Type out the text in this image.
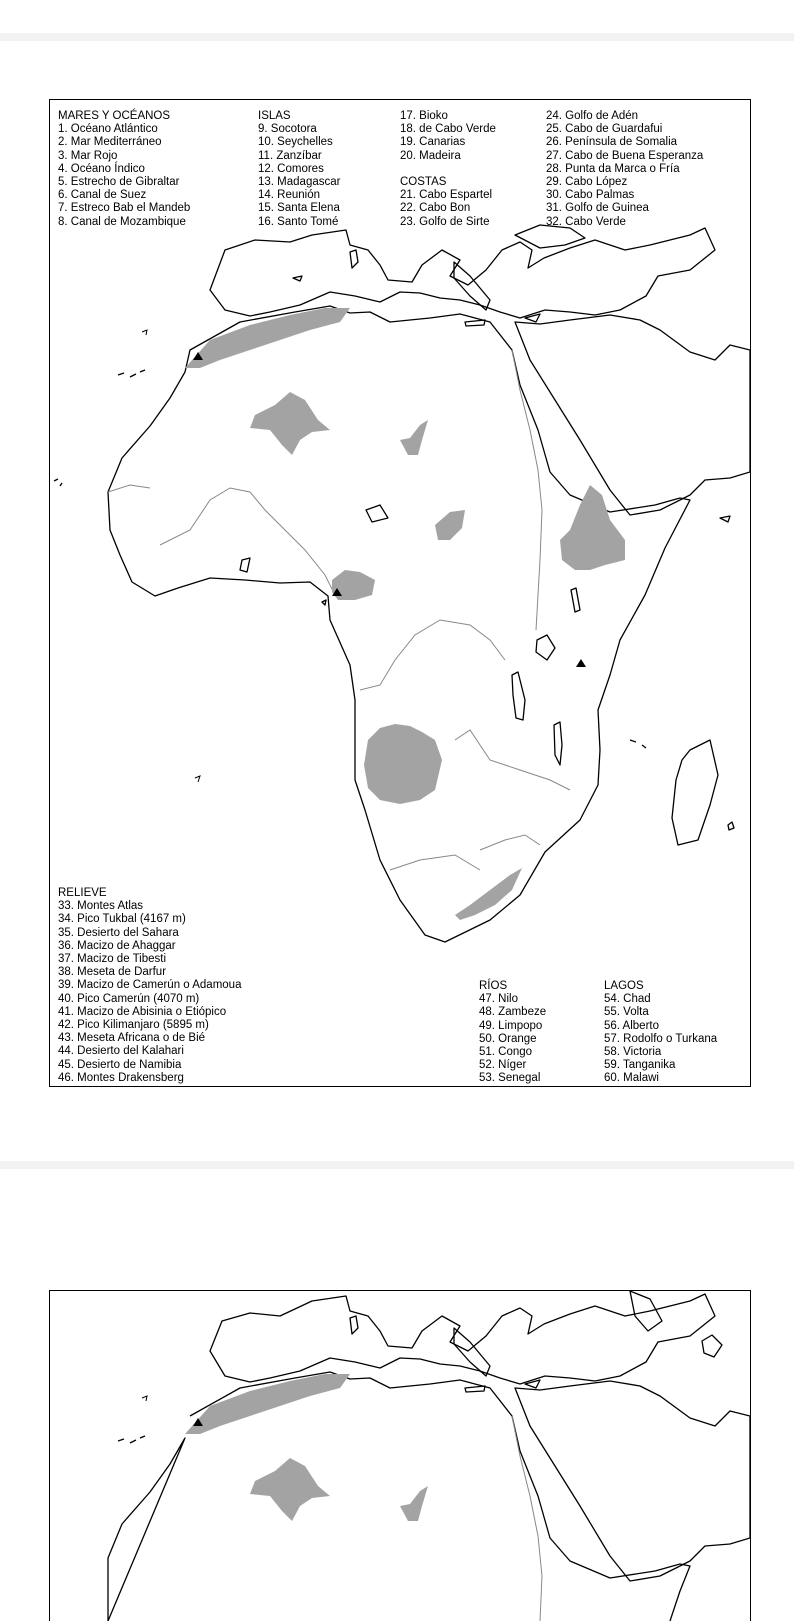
MARES Y OCÉANOS
1. Océano Atlántico
2. Mar Mediterráneo
3. Mar Rojo
4. Océano Índico
5. Estrecho de Gibraltar
6. Canal de Suez
7. Estreco Bab el Mandeb
8. Canal de Mozambique
ISLAS
9. Socotora
10. Seychelles
11. Zanzíbar
12. Comores
13. Madagascar
14. Reunión
15. Santa Elena
16. Santo Tomé
17. Bioko
18. de Cabo Verde
19. Canarias
20. Madeira
COSTAS
21. Cabo Espartel
22. Cabo Bon
23. Golfo de Sirte
24. Golfo de Adén
25. Cabo de Guardafui
26. Península de Somalia
27. Cabo de Buena Esperanza
28. Punta da Marca o Fría
29. Cabo López
30. Cabo Palmas
31. Golfo de Guinea
32. Cabo Verde
RELIEVE
33. Montes Atlas
34. Pico Tukbal (4167 m)
35. Desierto del Sahara
36. Macizo de Ahaggar
37. Macizo de Tibesti
38. Meseta de Darfur
39. Macizo de Camerún o Adamoua
40. Pico Camerún (4070 m)
41. Macizo de Abisinia o Etiópico
42. Pico Kilimanjaro (5895 m)
43. Meseta Africana o de Bié
44. Desierto del Kalahari
45. Desierto de Namibia
46. Montes Drakensberg
RÍOS
47. Nilo
48. Zambeze
49. Limpopo
50. Orange
51. Congo
52. Níger
53. Senegal
LAGOS
54. Chad
55. Volta
56. Alberto
57. Rodolfo o Turkana
58. Victoria
59. Tanganika
60. Malawi
